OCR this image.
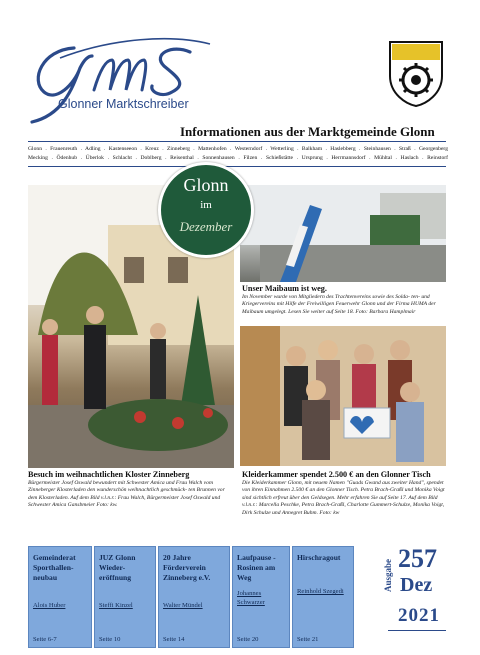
Glonner Marktschreiber
Informationen aus der Marktgemeinde Glonn
Glonn . Frauenreuth . Adling . Kastenseeon . Kreuz . Zinneberg . Mattenhofen . Westerndorf . Wetterling . Balkham . Haslebberg . Steinhausen . Straß . Georgenberg
Mecking . Ödenhub . Überlok . Schlacht . Doblberg . Reisenthal . Sonnenhausen . Filzen . Schießstätte . Ursprung . Herrmannsdorf . Mühltal . Haslach . Reinstorf
Glonn
im
Dezember
Unser Maibaum ist weg.
Im November wurde von Mitgliedern des Trachtenvereins sowie des Solda- ten- und Kriegervereins mit Hilfe der Freiwilligen Feuerwehr Glonn und der Firma HUMA der Maibaum umgelegt. Lesen Sie weiter auf Seite 18. Foto: Barbara Hamplmair
Besuch im weihnachtlichen Kloster Zinneberg
Bürgermeister Josef Oswald bewundert mit Schwester Amica und Frau Walch vom Zinneberger Klosterladen den wunderschön weihnachtlich geschmück- ten Brunnen vor dem Klosterladen. Auf dem Bild v.l.n.r.: Frau Walch, Bürgermeister Josef Oswald und Schwester Amica Gansbmeier Foto: kw.
Kleiderkammer spendet 2.500 € an den Glonner Tisch
Die Kleiderkammer Glonn, mit neuem Namen "Guads Gwand aus zweiter Hand", spendet von ihren Einnahmen 2.500 € an den Glonner Tisch. Petra Brach-Graßl und Monika Voigt sind sichtlich erfreut über den Geldsegen. Mehr erfahren Sie auf Seite 17. Auf dem Bild v.l.n.r.: Marcella Peschke, Petra Brach-Graßl, Charlotte Gummert-Schulze, Monika Voigt, Dirk Schulze und Annegret Buhm. Foto: kw
Gemeinderat Sporthallen- neubau
Alois Huber
Seite 6-7
JUZ Glonn Wieder- eröffnung
Steffi Kinzel
Seite 10
20 Jahre Förderverein Zinneberg e.V.
Walter Mündel
Seite 14
Laufpause - Rosinen am Weg
Johannes Schwarzer
Seite 20
Hirschragout
Reinhold Szegedi
Seite 21
Ausgabe 257
Dez
2021
